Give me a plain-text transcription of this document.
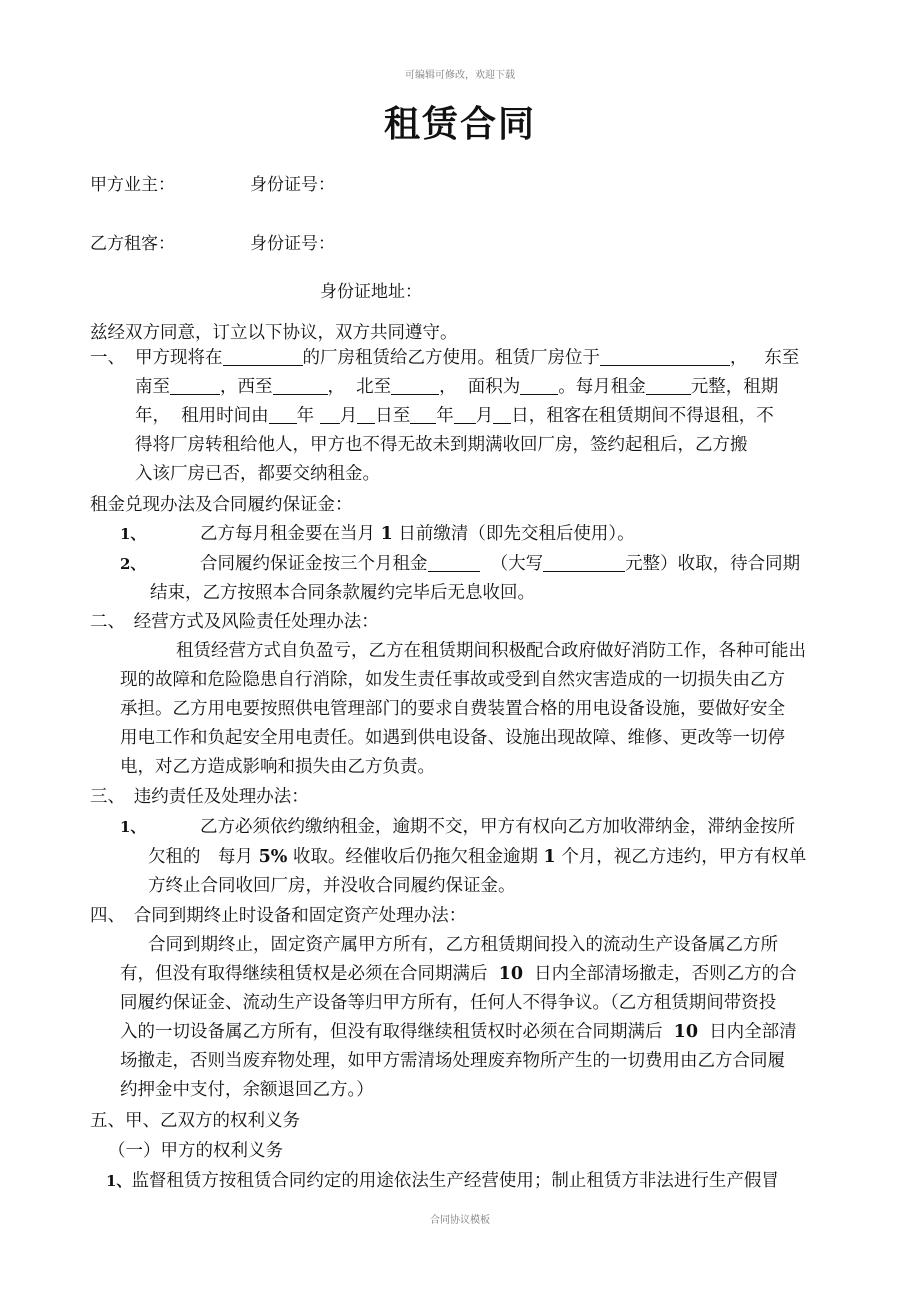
可编辑可修改，欢迎下载
租赁合同
甲方业主：	身份证号：
乙方租客：	身份证号：
身份证地址：
兹经双方同意，订立以下协议，双方共同遵守。
一、 甲方现将在	的厂房租赁给乙方使用。租赁厂房位于	， 东至
南至	，西至	， 北至	， 面积为 。每月租金	元整，租期
年， 租用时间由 年 月 日至 年 月 日，租客在租赁期间不得退租，不
得将厂房转租给他人，甲方也不得无故未到期满收回厂房，签约起租后，乙方搬
入该厂房已否，都要交纳租金。
租金兑现办法及合同履约保证金：
1、	乙方每月租金要在当月 1 日前缴清（即先交租后使用）。
2、	合同履约保证金按三个月租金	（大写	元整）收取，待合同期
结束，乙方按照本合同条款履约完毕后无息收回。
二、　经营方式及风险责任处理办法：
租赁经营方式自负盈亏，乙方在租赁期间积极配合政府做好消防工作，各种可能出
现的故障和危险隐患自行消除，如发生责任事故或受到自然灾害造成的一切损失由乙方
承担。乙方用电要按照供电管理部门的要求自费装置合格的用电设备设施，要做好安全
用电工作和负起安全用电责任。如遇到供电设备、设施出现故障、维修、更改等一切停
电，对乙方造成影响和损失由乙方负责。
三、　违约责任及处理办法：
1、	乙方必须依约缴纳租金，逾期不交，甲方有权向乙方加收滞纳金，滞纳金按所
欠租的　每月 5% 收取。经催收后仍拖欠租金逾期 1 个月，视乙方违约，甲方有权单
方终止合同收回厂房，并没收合同履约保证金。
四、　合同到期终止时设备和固定资产处理办法：
合同到期终止，固定资产属甲方所有，乙方租赁期间投入的流动生产设备属乙方所
有，但没有取得继续租赁权是必须在合同期满后 10 日内全部清场撤走，否则乙方的合
同履约保证金、流动生产设备等归甲方所有，任何人不得争议。（乙方租赁期间带资投
入的一切设备属乙方所有，但没有取得继续租赁权时必须在合同期满后 10 日内全部清
场撤走，否则当废弃物处理，如甲方需清场处理废弃物所产生的一切费用由乙方合同履
约押金中支付，余额退回乙方。）
五、甲、乙双方的权利义务
（一）甲方的权利义务
1、监督租赁方按租赁合同约定的用途依法生产经营使用；制止租赁方非法进行生产假冒
合同协议模板
